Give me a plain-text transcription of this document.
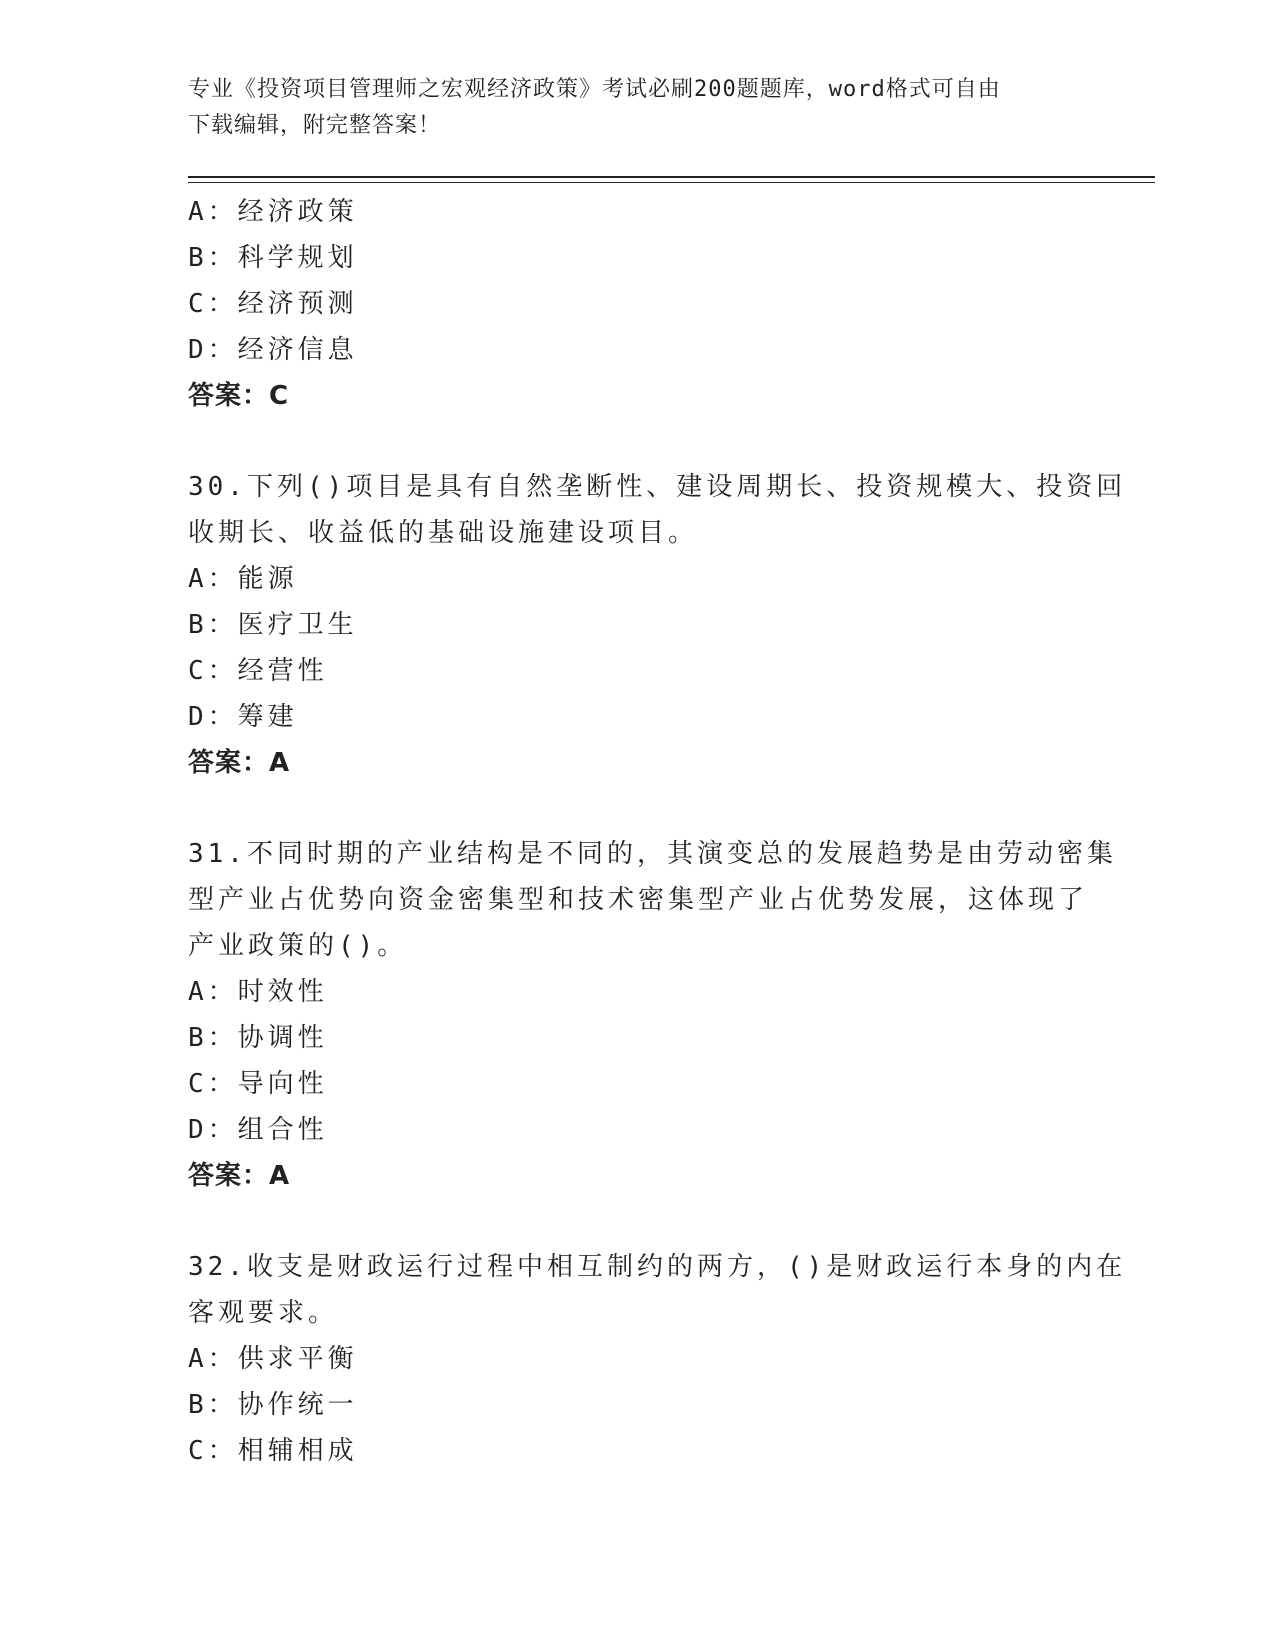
专业《投资项目管理师之宏观经济政策》考试必刷200题题库，word格式可自由
下载编辑，附完整答案！
A：经济政策
B：科学规划
C：经济预测
D：经济信息
答案：C
30.下列()项目是具有自然垄断性、建设周期长、投资规模大、投资回
收期长、收益低的基础设施建设项目。
A：能源
B：医疗卫生
C：经营性
D：筹建
答案：A
31.不同时期的产业结构是不同的，其演变总的发展趋势是由劳动密集
型产业占优势向资金密集型和技术密集型产业占优势发展，这体现了
产业政策的()。
A：时效性
B：协调性
C：导向性
D：组合性
答案：A
32.收支是财政运行过程中相互制约的两方，()是财政运行本身的内在
客观要求。
A：供求平衡
B：协作统一
C：相辅相成
